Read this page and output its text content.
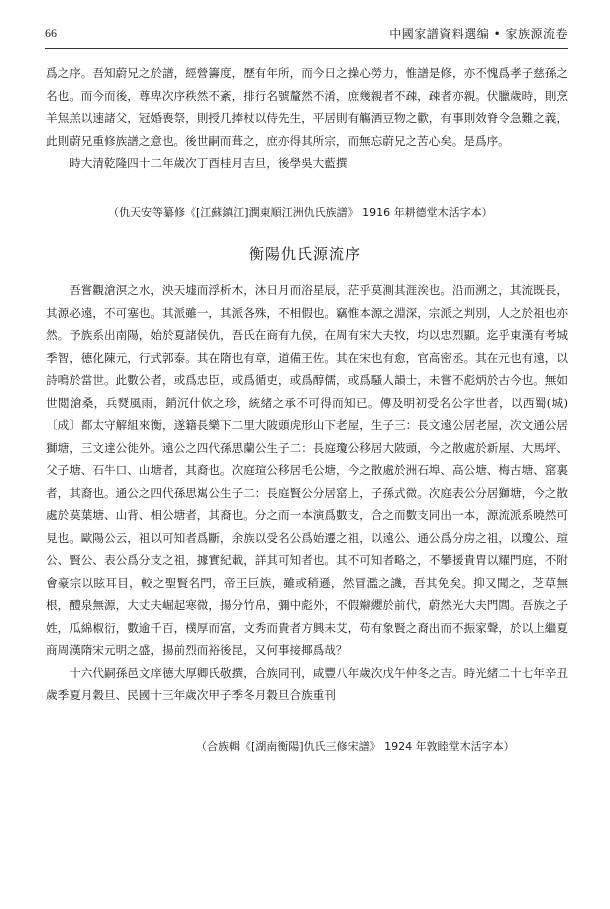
66	中國家譜資料選编 • 家族源流卷

爲之序。吾知蔚兄之於譜，經營籌度，歷有年所，而今日之操心勞力，惟譜是修，亦不愧爲孝子慈孫之名也。而今而後，尊卑次序秩然不紊，排行名號釐然不淆，庶幾親者不疎，疎者亦親。伏臘歲時，則烹羊炰羔以速諸父，冠婚喪祭，則授几捧杖以侍先生，平居則有觴酒豆物之歡，有事則效脊令急難之義，此則蔚兄重修族譜之意也。後世嗣而葺之，庶亦得其所宗，而無忘蔚兄之苦心矣。是爲序。

時大清乾隆四十二年歲次丁酉桂月吉旦，後學吳大藍撰

（仇天安等纂修《[江蘇鎮江]潤東順江洲仇氏族譜》 1916 年耕德堂木活字本）
衡陽仇氏源流序

吾嘗觀滄溟之水，泱天墟而浮析木，沐日月而浴星辰，茫乎莫測其涯涘也。沿而溯之，其流既長，其源必遠，不可塞也。其派雖一，其派各殊，不相假也。竊惟本源之淵深，宗派之判別，人之於祖也亦然。予族系出南陽，始於夏諸侯仇，吾氏在商有九侯，在周有宋大夫牧，均以忠烈顯。迄乎東漢有考城季智，德化陳元，行式郭泰。其在隋也有章，道備王佐。其在宋也有愈，官高密丞。其在元也有遠，以詩鳴於當世。此數公者，或爲忠臣，或爲循吏，或爲醇儒，或爲騷人韻士，未嘗不彪炳於古今也。無如世閲滄桑，兵燹風雨，銷沉什佽之珍，統緒之承不可得而知已。傳及明初受名公字世者，以西蜀(城)〔成〕都太守解組來衡，遂籍長樂下二里大陂頭虎形山下老屋，生子三：長文遠公居老屋，次文通公居獅塘，三文達公徙外。遠公之四代孫思蘭公生子二：長庭瓊公移居大陂頭，今之散處於新屋、大馬坪、父子塘、石牛口、山塘者，其裔也。次庭瑄公移居毛公塘，今之散處於洲石埠、高公塘、梅古塘、窰裏者，其裔也。通公之四代孫思嶲公生子二：長庭賢公分居窰上，子孫式微。次庭表公分居獅塘，今之散處於莫葉塘、山背、相公塘者，其裔也。分之而一本演爲數支，合之而數支同出一本，源流派系曉然可見也。歐陽公云，祖以可知者爲斷，余族以受名公爲始遷之祖，以遠公、通公爲分房之祖，以瓊公、瑄公、賢公、表公爲分支之祖，據實紀載，詳其可知者也。其不可知者略之，不攀援貴胄以耀門庭，不附會豪宗以眩耳目，較之聖賢名門，帝王巨族，雖或稍遜，然冒濫之譏，吾其免矣。抑又聞之，芝草無根，醴泉無源，大丈夫崛起寒微，揚分竹帛，彌中彪外，不假辮纓於前代，蔚然光大夫門閭。吾族之子姓，瓜綿椒衍，數逾千百，樸厚而富，文秀而貴者方興未艾，苟有象賢之裔出而不振家聲，於以上繼夏商周漢隋宋元明之盛，揚前烈而裕後昆，又何事接揶爲哉？

十六代嗣孫邑文庠德大厚卿氏敬撰，合族同刊，咸豐八年歲次戊午仲冬之吉。時光緒二十七年辛丑歲季夏月穀旦、民國十三年歲次甲子季冬月穀旦合族重刊

（合族輯《[湖南衡陽]仇氏三修宋譜》 1924 年敦睦堂木活字本）
